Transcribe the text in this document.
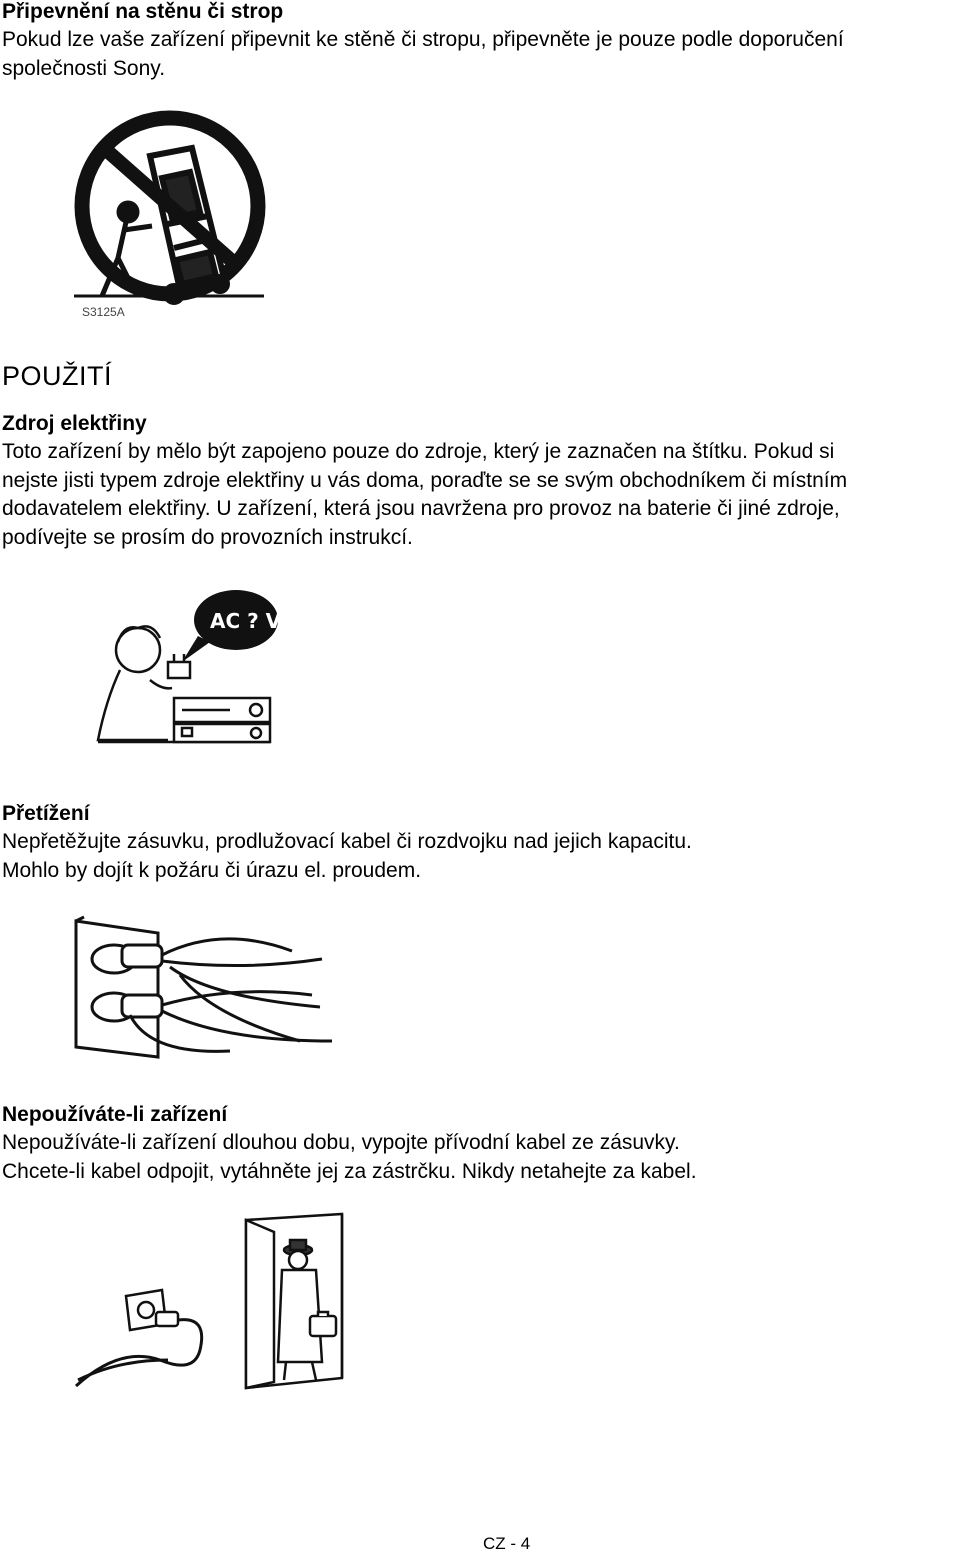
Připevnění na stěnu či strop
Pokud lze vaše zařízení připevnit ke stěně či stropu, připevněte je pouze podle doporučení
společnosti Sony.
S3125A
POUŽITÍ
Zdroj elektřiny
Toto zařízení by mělo být zapojeno pouze do zdroje, který je zaznačen na štítku. Pokud si
nejste jisti typem zdroje elektřiny u vás doma, poraďte se se svým obchodníkem či místním
dodavatelem elektřiny. U zařízení, která jsou navržena pro provoz na baterie či jiné zdroje,
podívejte se prosím do provozních instrukcí.
AC ? V
Přetížení
Nepřetěžujte zásuvku, prodlužovací kabel či rozdvojku nad jejich kapacitu.
Mohlo by dojít k požáru či úrazu el. proudem.
Nepoužíváte-li zařízení
Nepoužíváte-li zařízení dlouhou dobu, vypojte přívodní kabel ze zásuvky.
Chcete-li kabel odpojit, vytáhněte jej za zástrčku. Nikdy netahejte za kabel.
CZ - 4
